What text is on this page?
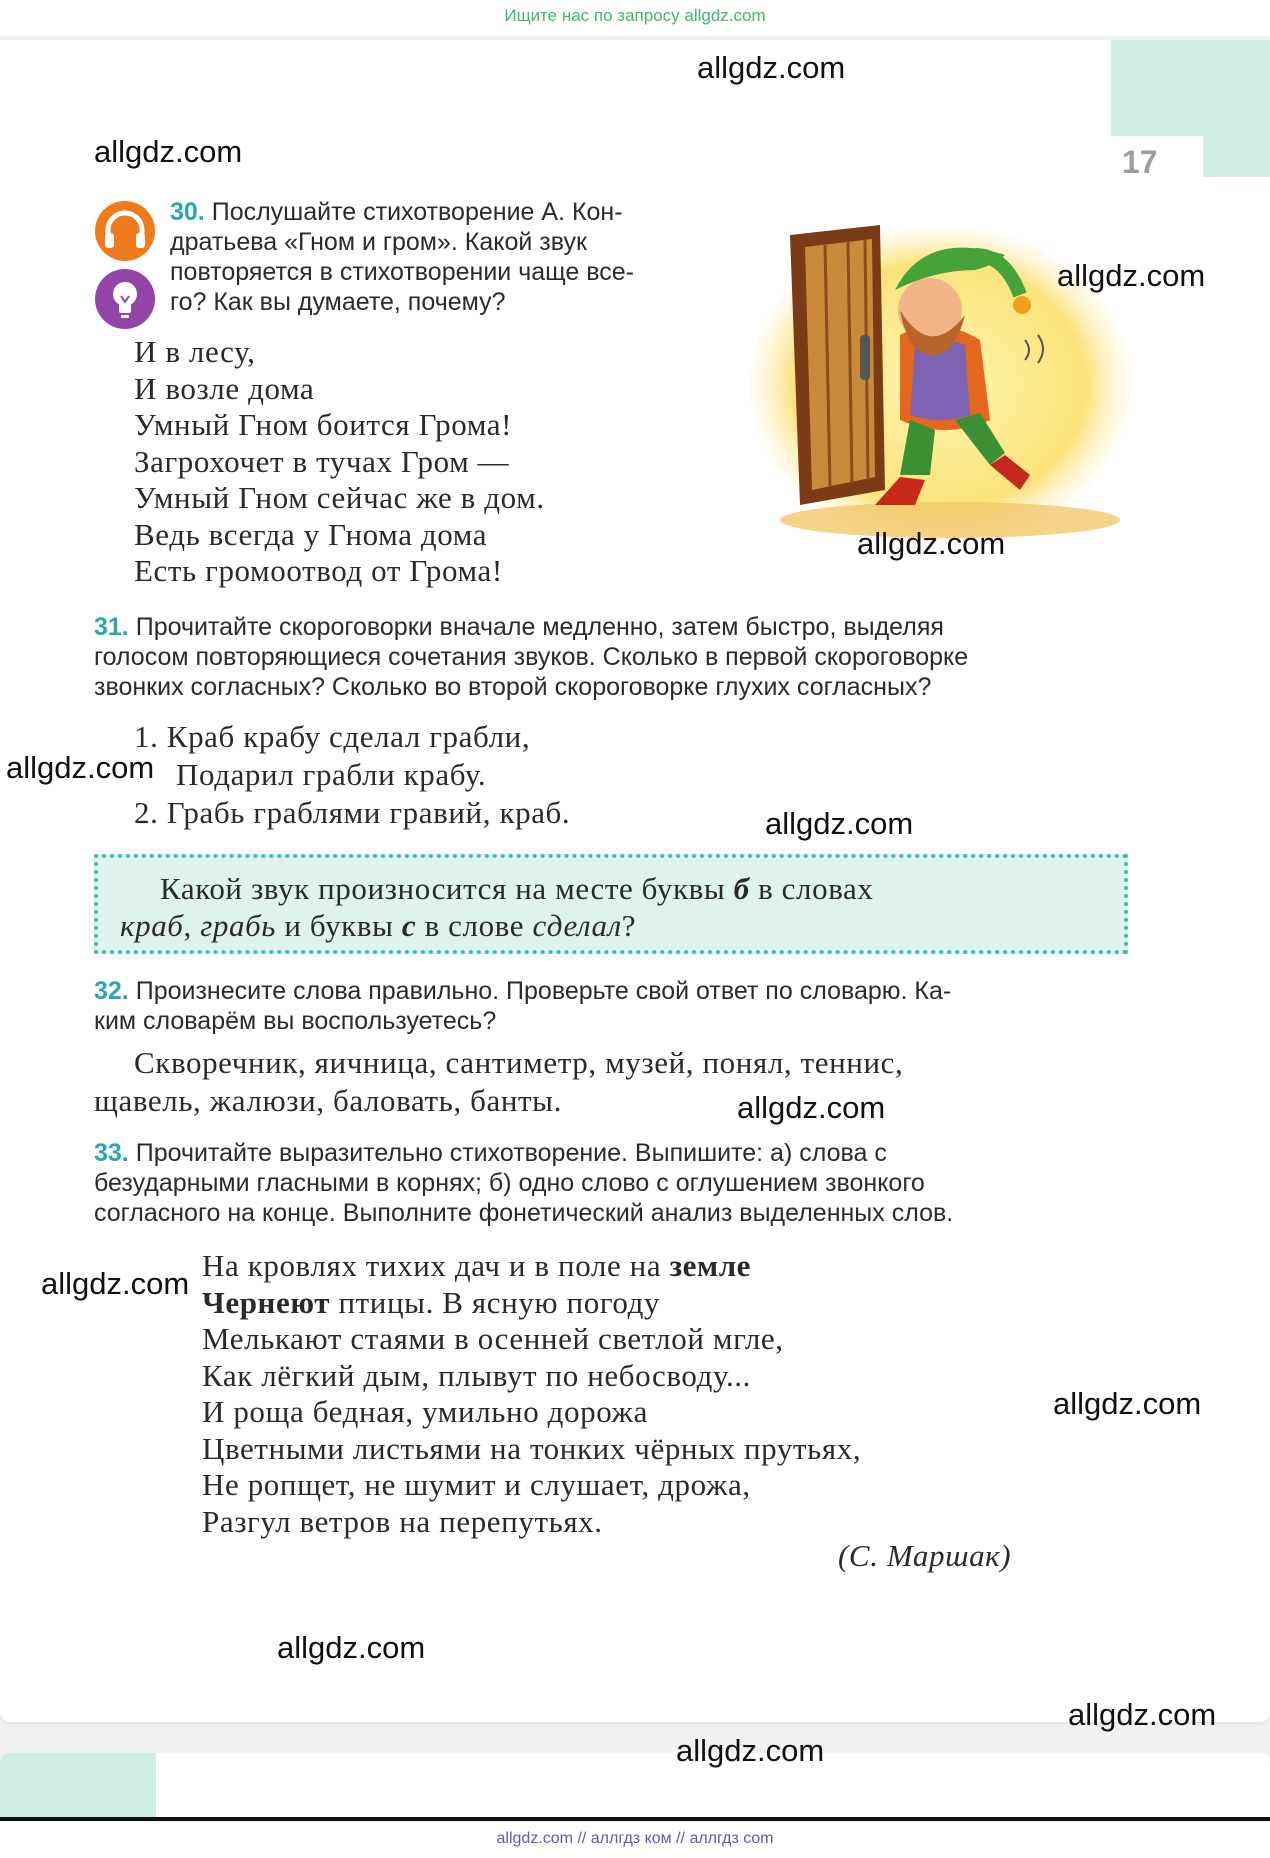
Ищите нас по запросу allgdz.com
17
30. Послушайте стихотворение А. Кон-
дратьева «Гном и гром». Какой звук
повторяется в стихотворении чаще все-
го? Как вы думаете, почему?
И в лесу,
И возле дома
Умный Гном боится Грома!
Загрохочет в тучах Гром —
Умный Гном сейчас же в дом.
Ведь всегда у Гнома дома
Есть громоотвод от Грома!
31. Прочитайте скороговорки вначале медленно, затем быстро, выделяя
голосом повторяющиеся сочетания звуков. Сколько в первой скороговорке
звонких согласных? Сколько во второй скороговорке глухих согласных?
1. Краб крабу сделал грабли,
Подарил грабли крабу.
2. Грабь граблями гравий, краб.
Какой звук произносится на месте буквы б в словах
краб, грабь и буквы с в слове сделал?
32. Произнесите слова правильно. Проверьте свой ответ по словарю. Ка-
ким словарём вы воспользуетесь?
Скворечник, яичница, сантиметр, музей, понял, теннис,
щавель, жалюзи, баловать, банты.
33. Прочитайте выразительно стихотворение. Выпишите: а) слова с
безударными гласными в корнях; б) одно слово с оглушением звонкого
согласного на конце. Выполните фонетический анализ выделенных слов.
На кровлях тихих дач и в поле на земле
Чернеют птицы. В ясную погоду
Мелькают стаями в осенней светлой мгле,
Как лёгкий дым, плывут по небосводу...
И роща бедная, умильно дорожа
Цветными листьями на тонких чёрных прутьях,
Не ропщет, не шумит и слушает, дрожа,
Разгул ветров на перепутьях.
(С. Маршак)
allgdz.com
allgdz.com
allgdz.com
allgdz.com
allgdz.com
allgdz.com
allgdz.com
allgdz.com
allgdz.com
allgdz.com
allgdz.com
allgdz.com
allgdz.com // аллгдз ком // аллгдз com
